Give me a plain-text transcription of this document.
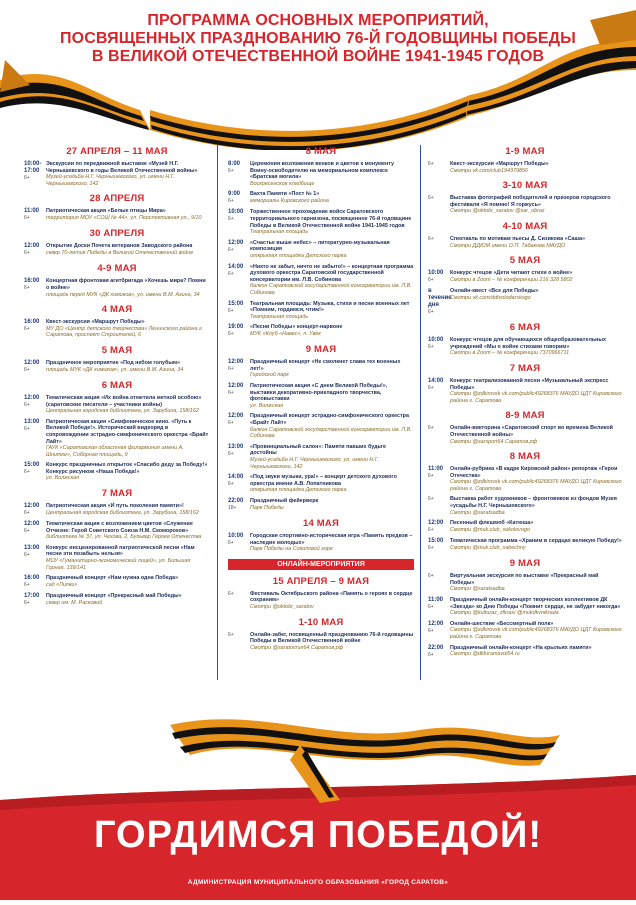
ПРОГРАММА ОСНОВНЫХ МЕРОПРИЯТИЙ,
ПОСВЯЩЕННЫХ ПРАЗДНОВАНИЮ 76-Й ГОДОВЩИНЫ ПОБЕДЫ
В ВЕЛИКОЙ ОТЕЧЕСТВЕННОЙ ВОЙНЕ 1941-1945 ГОДОВ
27 АПРЕЛЯ – 11 МАЯ
10:00-17:00
6+
Экскурсии по передвижной выставке «Музей Н.Г. Чернышевского в годы Великой Отечественной войны»
Музей-усадьба Н.Г. Чернышевского, ул. имени Н.Г. Чернышевского, 142
28 АПРЕЛЯ
11:00
6+
Патриотическая акция «Белые птицы Мира»
территория МОУ «СОШ № 44», ул. Перспективная ул., 9/10
30 АПРЕЛЯ
12:00
6+
Открытие Доски Почета ветеранов Заводского района
сквер 70-летия Победы в Великой Отечественной войне
4-9 МАЯ
16:00
6+
Концертная фронтовая агитбригада «Хочешь мира? Помни о войне»
площадь перед МУК «ДК химиков», ул. имени В.М. Азина, 34
4 МАЯ
16:00
6+
Квест-экскурсия «Маршрут Победы»
МУ ДО «Центр детского творчества» Ленинского района г. Саратова, проспект Строителей, 6
5 МАЯ
12:00
6+
Праздничное мероприятие «Под небом голубым»
площадь МУК «ДК химиков», ул. имени В.М. Азина, 34
6 МАЯ
12:00
6+
Тематическая акция «Их война отметила метной особою» (саратовские писатели – участники войны)
Центральная городская библиотека, ул. Зарубина, 158/162
13:00
6+
Патриотическая акция «Симфоническое кино. «Путь к Великой Победе!». Исторический видеоряд в сопровождении эстрадно-симфонического оркестра «Брайт Лайт»
ГАУК «Саратовская областная филармония имени А. Шнитке», Соборная площадь, 9
15:00
6+
Конкурс праздничных открыток «Спасибо деду за Победу!» Конкурс рисунков «Наша Победа!»
ул. Волжская
7 МАЯ
12:00
6+
Патриотическая акция «И путь поколения памяти»!
Центральная городская библиотека, ул. Зарубина, 158/162
12:00
6+
Тематическая акция с возложением цветов «Служение Отчизне: Герой Советского Союза Н.М. Скоморохов»
библиотека № 37, ул. Чехова, 2, Бульвар Героев Отечества
13:00
6+
Конкурс инсценированной патриотической песни «Нам песни эти позабыть нельзя»
МОУ «Гуманитарно-экономический лицей», ул. Большая Горная, 139/141
16:00
6+
Праздничный концерт «Нам нужна одна Победа»
сад «Липки»
17:00
6+
Праздничный концерт «Прекрасный май Победы»
сквер им. М. Расковой
8 МАЯ
8:00
6+
Церемония возложения венков и цветов к монументу Воину-освободителю на мемориальном комплексе «Братская могила»
Воскресенское кладбище
9:00
6+
Вахта Памяти «Пост № 1»
мемориалы Кировского района
10:00
6+
Торжественное прохождение войск Саратовского территориального гарнизона, посвященное 76-й годовщине Победы в Великой Отечественной войне 1941-1945 годов
Театральная площадь
12:00
6+
«Счастье выше небес» – литературно-музыкальная композиция
открытая площадка Детского парка
14:00
6+
«Никто не забыт, ничто не забыто!» – концертная программа духового оркестра Саратовской государственной консерватории им. Л.В. Собинова
балкон Саратовской государственной консерватории им. Л.В. Собинова
15:00
6+
Театральная площадь: Музыка, стихи и песни военных лет «Помним, гордимся, чтим!»
Театральная площадь
19:00
6+
«Песни Победы» концерт-нарвоне
МУК «Клуб «Навес», п. Увек
9 МАЯ
12:00
6+
Праздничный концерт «Не смолкнет слава тех военных лет!»
Городской парк
12:00
6+
Патриотическая акция «С днем Великой Победы!», выставки декоративно-прикладного творчества, фотовыставки
ул. Волжская
12:00
6+
Праздничный концерт эстрадно-симфонического оркестра «Брайт Лайт»
балкон Саратовской государственной консерватории им. Л.В. Собинова
13:00
6+
«Провинциальный салон»: Памяти павших будьте достойны
Музей-усадьба Н.Г. Чернышевского, ул. имени Н.Г. Чернышевского, 142
14:00
6+
«Под звуки музыки, ура!» – концерт детского духового оркестра имени А.В. Лопатникова
открытая площадка Детского парка
22:00
18+
Праздничный фейерверк
Парк Победы
14 МАЯ
10:00
6+
Городская спортивно-историческая игра «Память предков – наследие молодых»
Парк Победы на Соколовой горе
ОНЛАЙН-МЕРОПРИЯТИЯ
15 АПРЕЛЯ – 9 МАЯ
6+	Фестиваль Октябрьского района «Память о героях в сердце сохраним»
Смотри @oktobr_saratov
1-10 МАЯ
6+	Онлайн-забег, посвященный празднованию 76-й годовщины Победы в Великой Отечественной войне
Смотри @saratovrun64 Саратов.рф
1-9 МАЯ
6+	Квест-экскурсия «Маршрут Победы»
Смотри vk.com/club194379856
3-10 МАЯ
6+	Выставка фотографий победителей и призеров городского фестиваля «Я помню! Я горжусь»
Смотри @oktobr_saratov @sar_obraz
4-10 МАЯ
6+	Спектакль по мотивам пьесы Д. Сизикова «Саша»
Смотри ДДЮМ имени О.П. Табакова МАУДО
5 МАЯ
10:00
6+
Конкурс чтецов «Дети читают стихи о войне»
Смотри в Zoom – № конференции 216 328 5802
в течение дня
6+
Онлайн-квест «Все для Победы»
Смотри vk.com/ddtvolodarskogo
6 МАЯ
10:00
6+
Конкурс чтецов для обучающихся общеобразовательных учреждений «Мы о войне стихами говорим»
Смотри в Zoom – № конференции 7370966711
7 МАЯ
14:00
6+
Конкурс театрализованной песни «Музыкальный экспресс Победы»
Смотри @zdkirovsk vk.com/public49268376 МАУДО ЦДТ Кировского района г. Саратова
8-9 МАЯ
6+	Онлайн-викторина «Саратовский спорт во времена Великой Отечественной войны»
Смотри @sarsport64 Саратов.рф
8 МАЯ
11:00
6+
Онлайн-рубрика «В кадре Кировский район» репортаж «Герои Отечества»
Смотри @zdkirovsk vk.com/public49268376 МАУДО ЦДТ Кировского района г. Саратова
6+	Выставка работ художников – фронтовиков из фондов Музея «усадьбы Н.Г. Чернышевского»
Смотри @saratsadba
12:00
6+
Песенный флешмоб «Катюша»
Смотри @muk.club_sokolovogo
15:00
6+
Тематическая программа «Храним в сердцах великую Победу!»
Смотри @muk.club_sabechny
9 МАЯ
6+	Виртуальная экскурсия по выставке «Прекрасный май Победы»
Смотри @saratsadba
11:00
6+
Праздничный онлайн-концерт творческих коллективов ДК «Звезда» ко Дню Победы «Помнит сердце, не забудет никогда»
Смотри @kulturaz_zfkrasi @mukdkvnikrada
12:00
6+
Онлайн-шествие «Бессмертный полк»
Смотри @zdkirovsk vk.com/public49268376 МАУДО ЦДТ Кировского района г. Саратова
22:00
6+
Праздничный онлайн-концерт «На крыльях памяти»
Смотри @dkfuramavol64.ru
ГОРДИМСЯ ПОБЕДОЙ!
АДМИНИСТРАЦИЯ МУНИЦИПАЛЬНОГО ОБРАЗОВАНИЯ «ГОРОД САРАТОВ»
